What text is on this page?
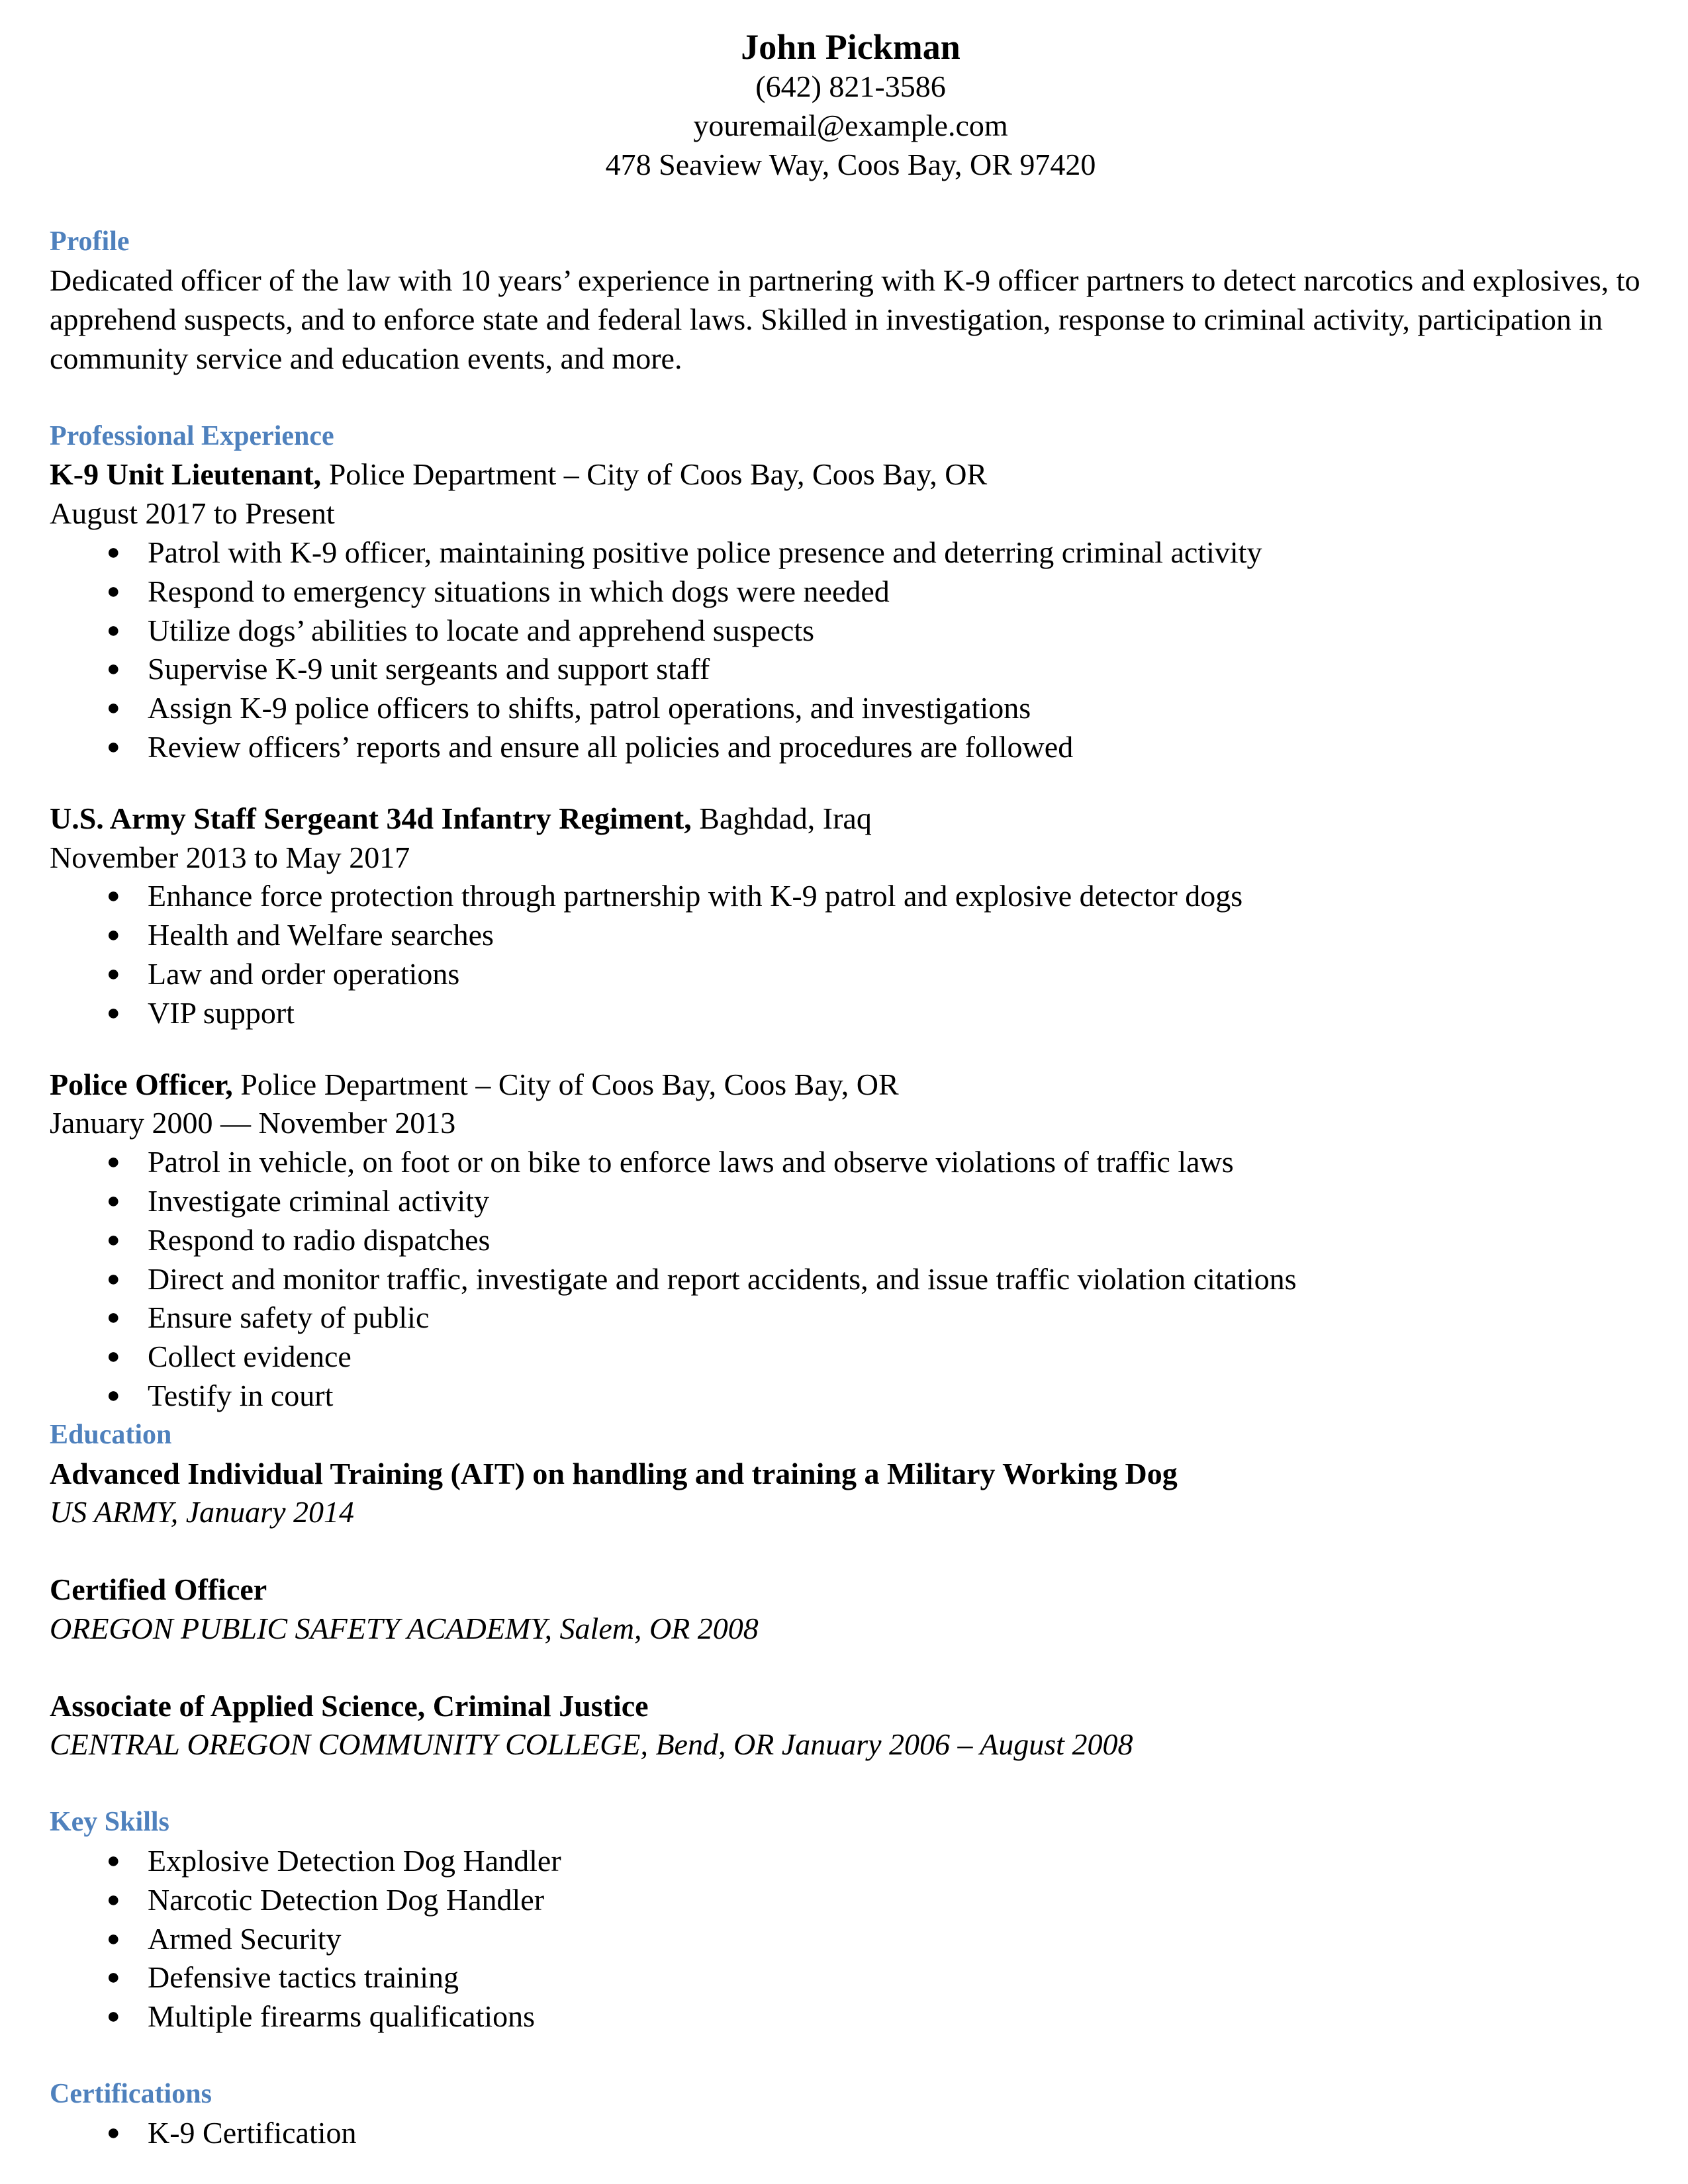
John Pickman
(642) 821-3586
youremail@example.com
478 Seaview Way, Coos Bay, OR 97420
Profile
Dedicated officer of the law with 10 years’ experience in partnering with K-9 officer partners to detect narcotics and explosives, to apprehend suspects, and to enforce state and federal laws. Skilled in investigation, response to criminal activity, participation in community service and education events, and more.
Professional Experience
K-9 Unit Lieutenant, Police Department – City of Coos Bay, Coos Bay, OR
August 2017 to Present
● Patrol with K-9 officer, maintaining positive police presence and deterring criminal activity
● Respond to emergency situations in which dogs were needed
● Utilize dogs’ abilities to locate and apprehend suspects
● Supervise K-9 unit sergeants and support staff
● Assign K-9 police officers to shifts, patrol operations, and investigations
● Review officers’ reports and ensure all policies and procedures are followed
U.S. Army Staff Sergeant 34d Infantry Regiment, Baghdad, Iraq
November 2013 to May 2017
● Enhance force protection through partnership with K-9 patrol and explosive detector dogs
● Health and Welfare searches
● Law and order operations
● VIP support
Police Officer, Police Department – City of Coos Bay, Coos Bay, OR
January 2000 — November 2013
● Patrol in vehicle, on foot or on bike to enforce laws and observe violations of traffic laws
● Investigate criminal activity
● Respond to radio dispatches
● Direct and monitor traffic, investigate and report accidents, and issue traffic violation citations
● Ensure safety of public
● Collect evidence
● Testify in court
Education
Advanced Individual Training (AIT) on handling and training a Military Working Dog
US ARMY, January 2014
Certified Officer
OREGON PUBLIC SAFETY ACADEMY, Salem, OR 2008
Associate of Applied Science, Criminal Justice
CENTRAL OREGON COMMUNITY COLLEGE, Bend, OR January 2006 – August 2008
Key Skills
● Explosive Detection Dog Handler
● Narcotic Detection Dog Handler
● Armed Security
● Defensive tactics training
● Multiple firearms qualifications
Certifications
● K-9 Certification
